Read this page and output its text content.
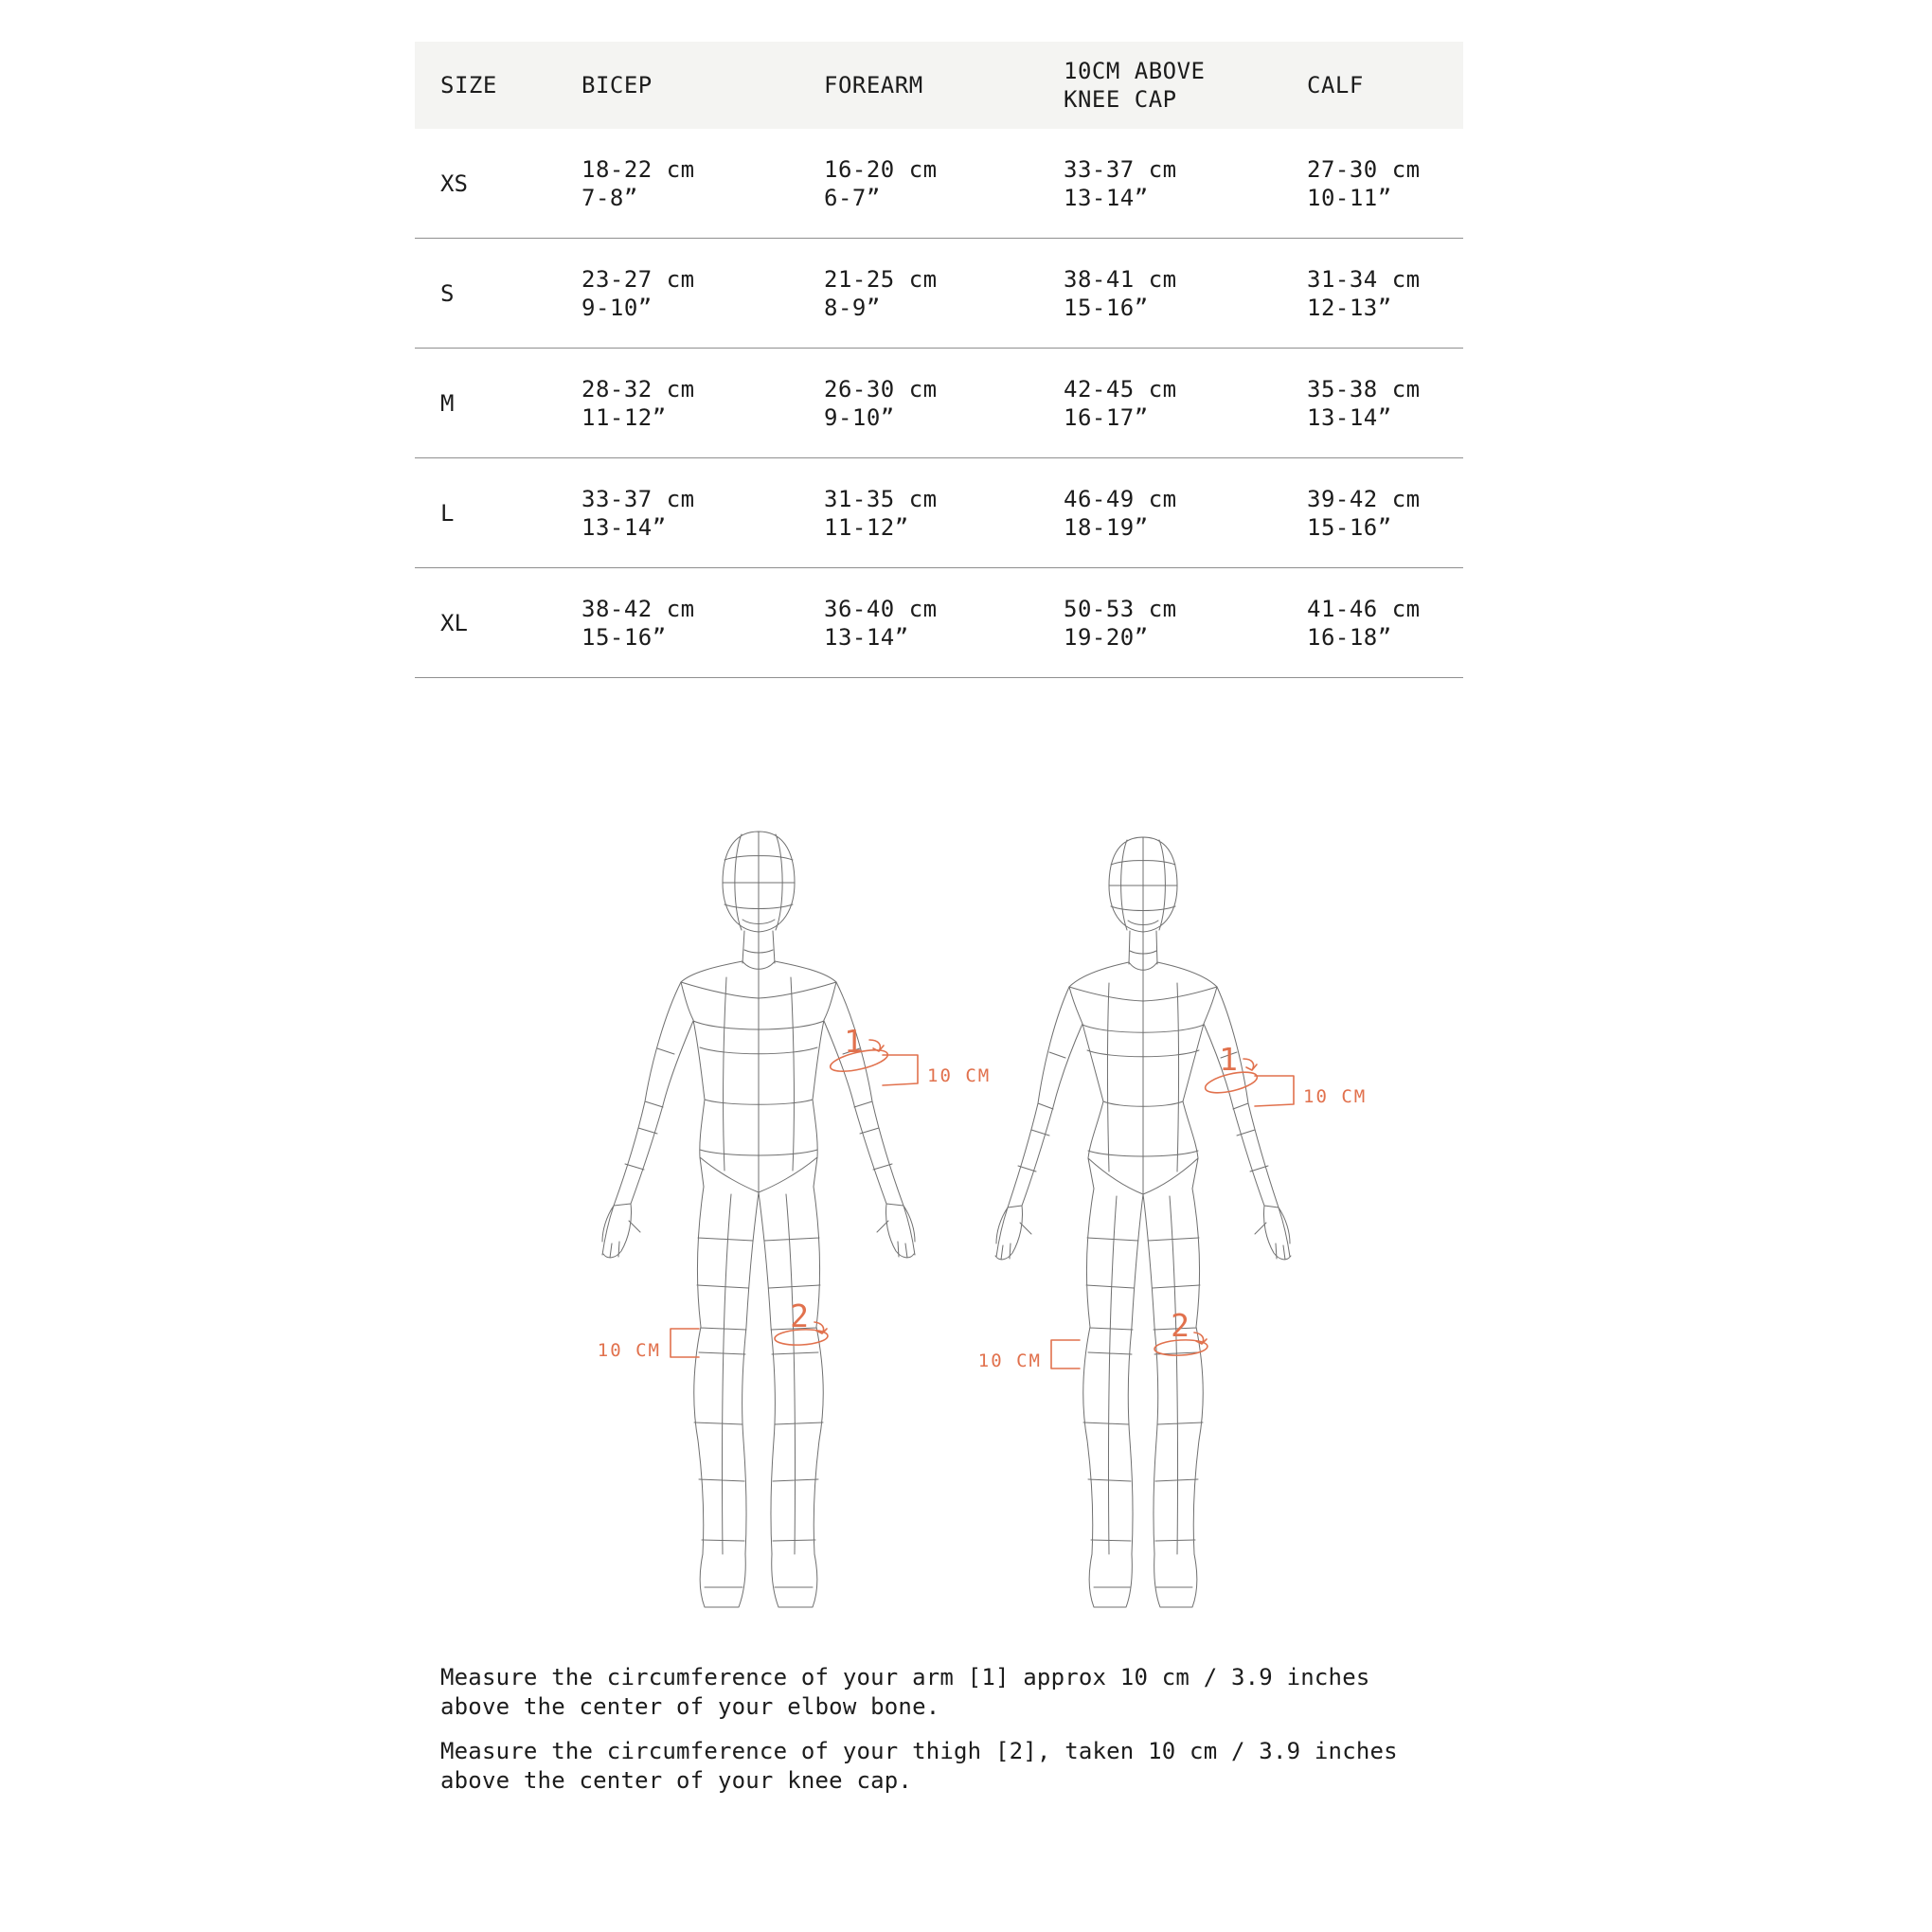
SIZE	BICEP	FOREARM
10CM ABOVE KNEE CAP
CALF
XS
18-22 cm
7-8”
16-20 cm
6-7”
33-37 cm
13-14”
27-30 cm
10-11”
S
23-27 cm
9-10”
21-25 cm
8-9”
38-41 cm
15-16”
31-34 cm
12-13”
M
28-32 cm
11-12”
26-30 cm
9-10”
42-45 cm
16-17”
35-38 cm
13-14”
L
33-37 cm
13-14”
31-35 cm
11-12”
46-49 cm
18-19”
39-42 cm
15-16”
XL
38-42 cm
15-16”
36-40 cm
13-14”
50-53 cm
19-20”
41-46 cm
16-18”
1
10 CM
2
10 CM
1
10 CM
2
10 CM

Measure the circumference of your arm [1] approx 10 cm / 3.9 inches above the center of your elbow bone.

Measure the circumference of your thigh [2], taken 10 cm / 3.9 inches above the center of your knee cap.
